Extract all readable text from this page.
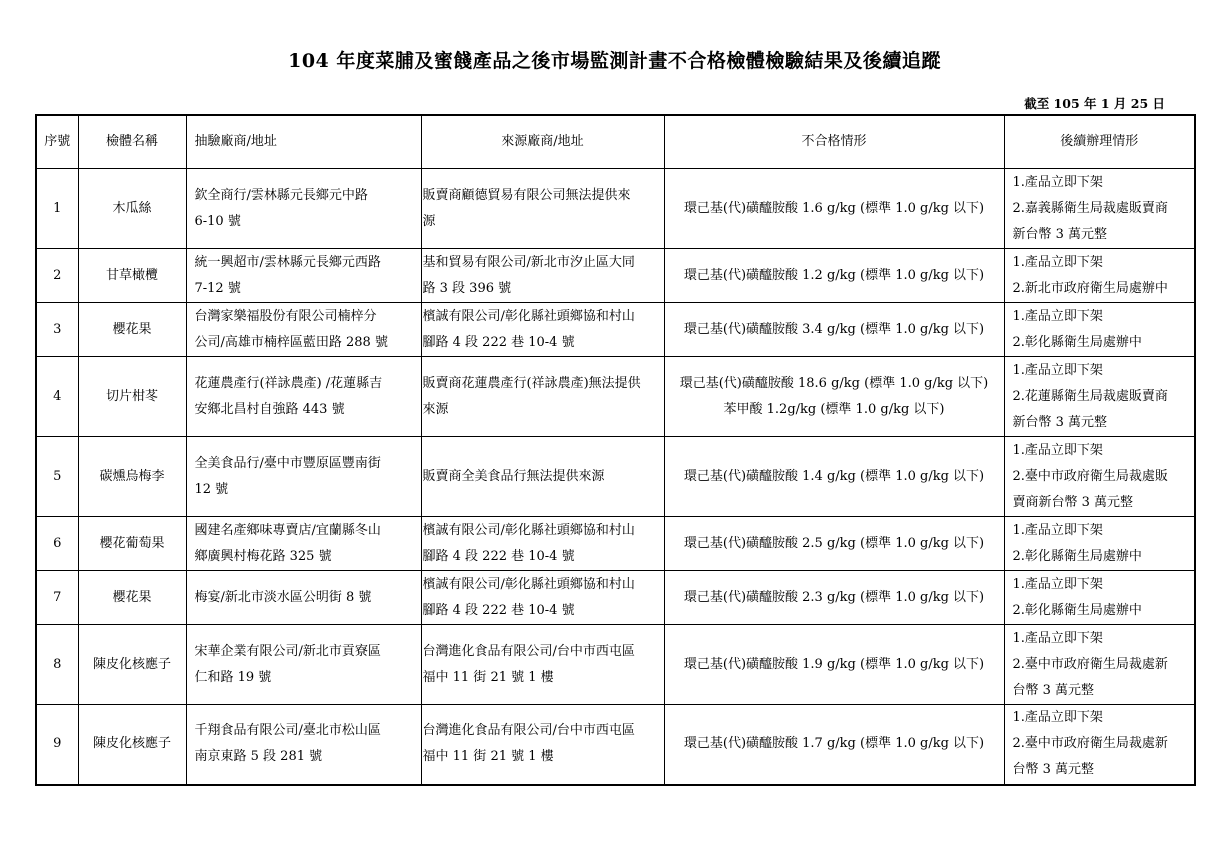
104 年度菜脯及蜜餞產品之後市場監測計畫不合格檢體檢驗結果及後續追蹤
截至 105 年 1 月 25 日
序號	檢體名稱	抽驗廠商/地址	來源廠商/地址	不合格情形	後續辦理情形
1	木瓜絲	欽全商行/雲林縣元長鄉元中路
6-10 號	販賣商顧德貿易有限公司無法提供來
源	環己基(代)磺醯胺酸 1.6 g/kg (標準 1.0 g/kg 以下)	1.產品立即下架
2.嘉義縣衛生局裁處販賣商
新台幣 3 萬元整

2	甘草橄欖	統一興超市/雲林縣元長鄉元西路
7-12 號	基和貿易有限公司/新北市汐止區大同
路 3 段 396 號	環己基(代)磺醯胺酸 1.2 g/kg (標準 1.0 g/kg 以下)	1.產品立即下架
2.新北市政府衛生局處辦中

3	櫻花果	台灣家樂福股份有限公司楠梓分
公司/高雄市楠梓區藍田路 288 號	檳誠有限公司/彰化縣社頭鄉協和村山
腳路 4 段 222 巷 10-4 號	環己基(代)磺醯胺酸 3.4 g/kg (標準 1.0 g/kg 以下)	1.產品立即下架
2.彰化縣衛生局處辦中

4	切片柑苳	花蓮農產行(祥詠農產) /花蓮縣吉
安鄉北昌村自強路 443 號	販賣商花蓮農產行(祥詠農產)無法提供
來源	環己基(代)磺醯胺酸 18.6 g/kg (標準 1.0 g/kg 以下)
苯甲酸 1.2g/kg (標準 1.0 g/kg 以下)	1.產品立即下架
2.花蓮縣衛生局裁處販賣商
新台幣 3 萬元整

5	碳燻烏梅李	全美食品行/臺中市豐原區豐南街
12 號	販賣商全美食品行無法提供來源	環己基(代)磺醯胺酸 1.4 g/kg (標準 1.0 g/kg 以下)	1.產品立即下架
2.臺中市政府衛生局裁處販
賣商新台幣 3 萬元整

6	櫻花葡萄果	國建名產鄉味專賣店/宜蘭縣冬山
鄉廣興村梅花路 325 號	檳誠有限公司/彰化縣社頭鄉協和村山
腳路 4 段 222 巷 10-4 號	環己基(代)磺醯胺酸 2.5 g/kg (標準 1.0 g/kg 以下)	1.產品立即下架
2.彰化縣衛生局處辦中

7	櫻花果	梅宴/新北市淡水區公明街 8 號	檳誠有限公司/彰化縣社頭鄉協和村山
腳路 4 段 222 巷 10-4 號	環己基(代)磺醯胺酸 2.3 g/kg (標準 1.0 g/kg 以下)	1.產品立即下架
2.彰化縣衛生局處辦中

8	陳皮化核應子	宋華企業有限公司/新北市貢寮區
仁和路 19 號	台灣進化食品有限公司/台中市西屯區
福中 11 街 21 號 1 樓	環己基(代)磺醯胺酸 1.9 g/kg (標準 1.0 g/kg 以下)	1.產品立即下架
2.臺中市政府衛生局裁處新
台幣 3 萬元整

9	陳皮化核應子	千翔食品有限公司/臺北市松山區
南京東路 5 段 281 號	台灣進化食品有限公司/台中市西屯區
福中 11 街 21 號 1 樓	環己基(代)磺醯胺酸 1.7 g/kg (標準 1.0 g/kg 以下)	1.產品立即下架
2.臺中市政府衛生局裁處新
台幣 3 萬元整
